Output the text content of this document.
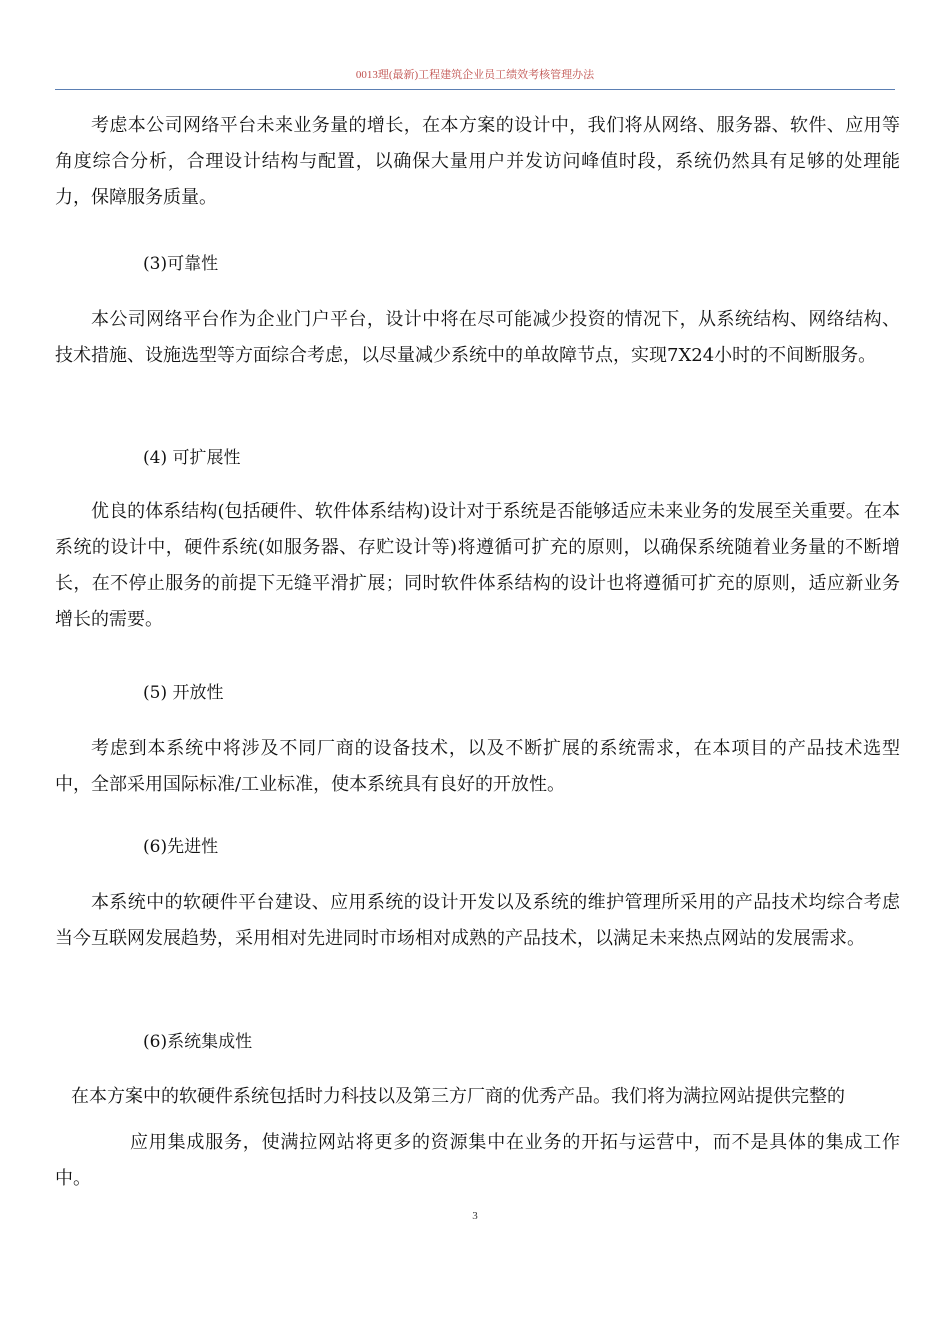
0013理(最新)工程建筑企业员工绩效考核管理办法

考虑本公司网络平台未来业务量的增长，在本方案的设计中，我们将从网络、服务器、软件、应用等角度综合分析，合理设计结构与配置，以确保大量用户并发访问峰值时段，系统仍然具有足够的处理能力，保障服务质量。

(3)可靠性

本公司网络平台作为企业门户平台，设计中将在尽可能减少投资的情况下，从系统结构、网络结构、技术措施、设施选型等方面综合考虑，以尽量减少系统中的单故障节点，实现7X24小时的不间断服务。

(4) 可扩展性

优良的体系结构(包括硬件、软件体系结构)设计对于系统是否能够适应未来业务的发展至关重要。在本系统的设计中，硬件系统(如服务器、存贮设计等)将遵循可扩充的原则，以确保系统随着业务量的不断增长，在不停止服务的前提下无缝平滑扩展；同时软件体系结构的设计也将遵循可扩充的原则，适应新业务增长的需要。

(5) 开放性

考虑到本系统中将涉及不同厂商的设备技术，以及不断扩展的系统需求，在本项目的产品技术选型中，全部采用国际标准/工业标准，使本系统具有良好的开放性。

(6)先进性

本系统中的软硬件平台建设、应用系统的设计开发以及系统的维护管理所采用的产品技术均综合考虑当今互联网发展趋势，采用相对先进同时市场相对成熟的产品技术，以满足未来热点网站的发展需求。

(6)系统集成性

在本方案中的软硬件系统包括时力科技以及第三方厂商的优秀产品。我们将为满拉网站提供完整的

应用集成服务，使满拉网站将更多的资源集中在业务的开拓与运营中，而不是具体的集成工作中。

3
